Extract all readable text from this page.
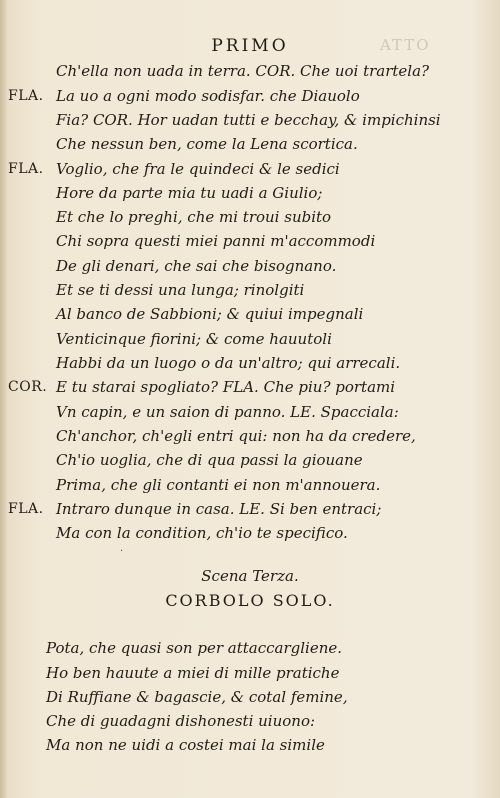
PRIMO	ATTO
Ch'ella non uada in terra. COR. Che uoi trartela?
FLA. La uo a ogni modo sodisfar. che Diauolo
Fia? COR. Hor uadan tutti e becchay, & impichinsi
Che nessun ben, come la Lena scortica.
FLA. Voglio, che fra le quindeci & le sedici
Hore da parte mia tu uadi a Giulio;
Et che lo preghi, che mi troui subito
Chi sopra questi miei panni m'accommodi
De gli denari, che sai che bisognano.
Et se ti dessi una lunga; rinolgiti
Al banco de Sabbioni; & quiui impegnali
Venticinque fiorini; & come hauutoli
Habbi da un luogo o da un'altro; qui arrecali.
COR. E tu starai spogliato? FLA. Che piu? portami
Vn capin, e un saion di panno. LE. Spacciala:
Ch'anchor, ch'egli entri qui: non ha da credere,
Ch'io uoglia, che di qua passi la giouane
Prima, che gli contanti ei non m'annouera.
FLA. Intraro dunque in casa. LE. Si ben entraci;
Ma con la condition, ch'io te specifico.
·
Scena Terza.
CORBOLO SOLO.
Pota, che quasi son per attaccargliene.
Ho ben hauute a miei di mille pratiche
Di Ruffiane & bagascie, & cotal femine,
Che di guadagni dishonesti uiuono:
Ma non ne uidi a costei mai la simile
